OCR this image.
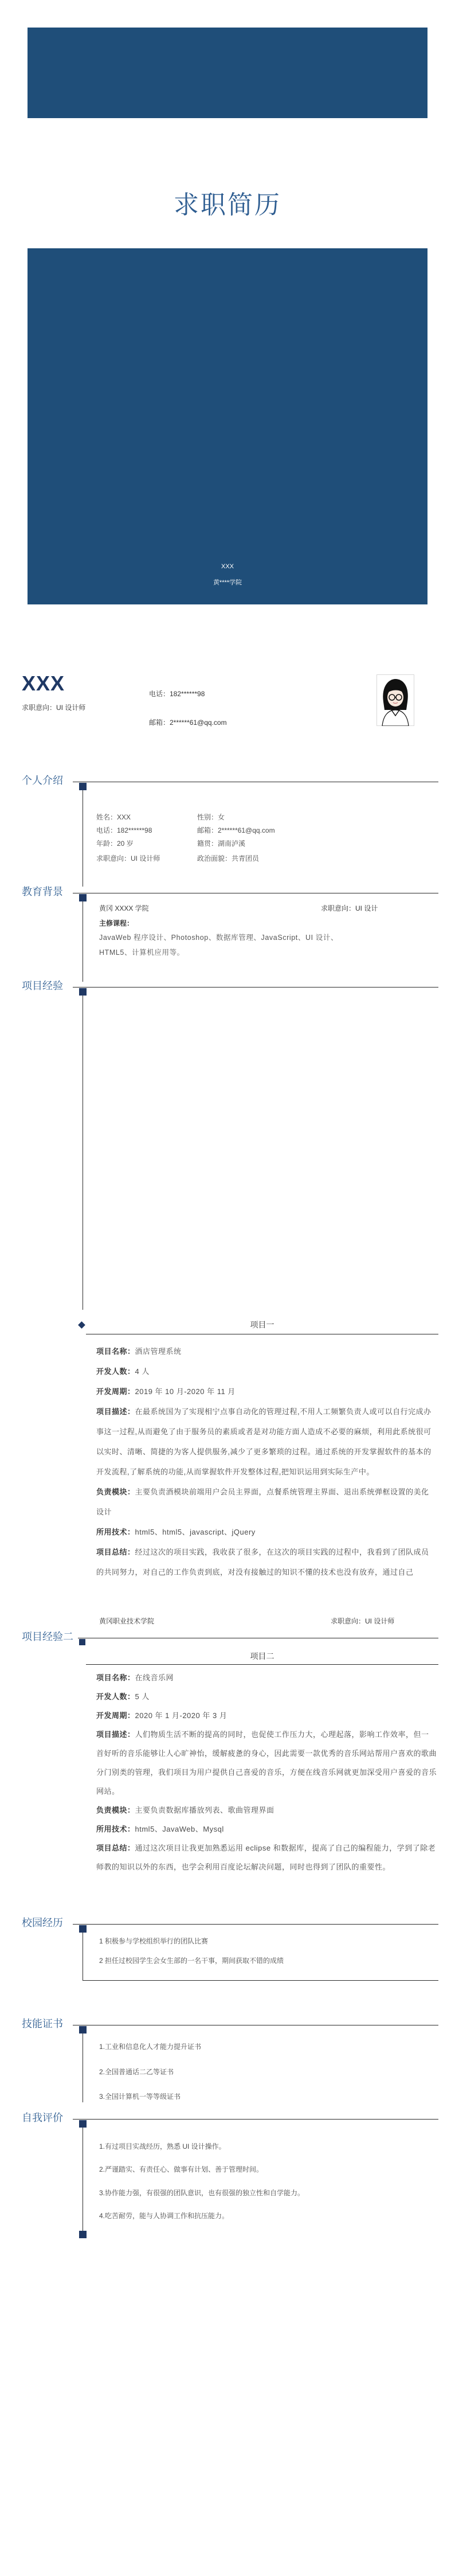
求职简历
XXX
黄****学院
XXX
求职意向：UI 设计师
电话：182******98
邮箱：2******61@qq.com
个人介绍
姓名：XXX	性别：女
电话：182******98	邮箱：2******61@qq.com
年龄：20 岁	籍贯：湖南泸溪
求职意向：UI 设计师	政治面貌：共青团员
教育背景
黄冈 XXXX 学院	求职意向：UI 设计
主修课程：
JavaWeb 程序设计、Photoshop、数据库管理、JavaScript、UI 设计、
HTML5、计算机应用等。
项目经验
项目一
项目名称：酒店管理系统
开发人数：4 人
开发周期：2019 年 10 月-2020 年 11 月
项目描述：在最系统国为了实现相宁点事自动化的管理过程,不用人工频繁负责人或可以自行完成办事这一过程,从而避免了由于服务员的素质或者是对功能方面人造成不必要的麻烦，利用此系统很可以实时、清晰、简捷的为客人提供服务,减少了更多繁琐的过程。通过系统的开发掌握软件的基本的开发流程,了解系统的功能,从而掌握软件开发整体过程,把知识运用到实际生产中。
负责模块：主要负责酒模块前端用户会员主界面，点餐系统管理主界面、退出系统弹框设置的美化设计
所用技术：html5、html5、javascript、jQuery
项目总结：经过这次的项目实践，我收获了很多，在这次的项目实践的过程中，我看到了团队成员的共同努力，对自己的工作负责到底，对没有接触过的知识不懂的技术也没有放弃，通过自己
黄冈职业技术学院	求职意向：UI 设计师
项目经验二
项目二
项目名称：在线音乐网
开发人数：5 人
开发周期：2020 年 1 月-2020 年 3 月
项目描述：人们物质生活不断的提高的同时，也促使工作压力大，心理起落，影响工作效率，但一首好听的音乐能够让人心旷神怡，缓解疲惫的身心，因此需要一款优秀的音乐网站帮用户喜欢的歌曲分门别类的管理，我们项目为用户提供自己喜爱的音乐，方便在线音乐网就更加深受用户喜爱的音乐网站。
负责模块：主要负责数据库播放列表、歌曲管理界面
所用技术：html5、JavaWeb、Mysql
项目总结：通过这次项目让我更加熟悉运用 eclipse 和数据库，提高了自己的编程能力，学到了除老师教的知识以外的东西，也学会利用百度论坛解决问题，同时也得到了团队的重要性。
校园经历
1 积极参与学校组织举行的团队比赛
2 担任过校园学生会女生部的一名干事，期间获取不错的成绩
技能证书
1.工业和信息化人才能力提升证书
2.全国普通话二乙等证书
3.全国计算机一等等级证书
自我评价
1.有过项目实战经历，熟悉 UI 设计操作。
2.严谨踏实、有责任心、做事有计划、善于管理时间。
3.协作能力强，有很强的团队意识，也有很强的独立性和自学能力。
4.吃苦耐劳，能与人协调工作和抗压能力。
